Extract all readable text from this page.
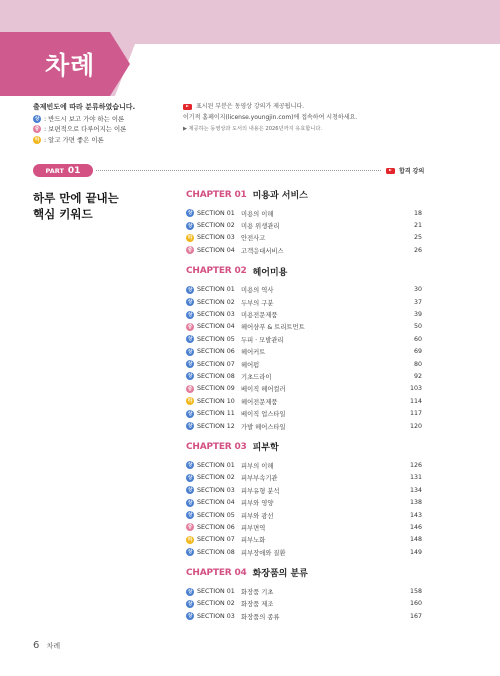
차례
출제빈도에 따라 분류하였습니다.
상 : 반드시 보고 가야 하는 이론
중 : 보편적으로 다루어지는 이론
하 : 알고 가면 좋은 이론
표시된 부분은 동영상 강의가 제공됩니다.
이기적 홈페이지(license.youngjin.com)에 접속하여 시청하세요.
▶ 제공하는 동영상과 도서의 내용은 2026년까지 유효합니다.
PART 01	합격 강의
하루 만에 끝내는
핵심 키워드
CHAPTER 01 미용과 서비스
상 SECTION 01 미용의 이해	18
상 SECTION 02 미용 위생관리	21
하 SECTION 03 안전사고	25
중 SECTION 04 고객응대서비스	26
CHAPTER 02 헤어미용
상 SECTION 01 미용의 역사	30
상 SECTION 02 두부의 구분	37
상 SECTION 03 미용전문제품	39
중 SECTION 04 헤어샴푸 & 트리트먼트	50
상 SECTION 05 두피 · 모발관리	60
상 SECTION 06 헤어커트	69
상 SECTION 07 헤어펌	80
상 SECTION 08 기초드라이	92
중 SECTION 09 베이직 헤어컬러	103
하 SECTION 10 헤어전문제품	114
상 SECTION 11 베이직 업스타일	117
상 SECTION 12 가발 헤어스타일	120
CHAPTER 03 피부학
상 SECTION 01 피부의 이해	126
상 SECTION 02 피부부속기관	131
상 SECTION 03 피부유형 분석	134
상 SECTION 04 피부와 영양	138
상 SECTION 05 피부와 광선	143
중 SECTION 06 피부면역	146
하 SECTION 07 피부노화	148
상 SECTION 08 피부장애와 질환	149
CHAPTER 04 화장품의 분류
상 SECTION 01 화장품 기초	158
상 SECTION 02 화장품 제조	160
상 SECTION 03 화장품의 종류	167
6 차례
